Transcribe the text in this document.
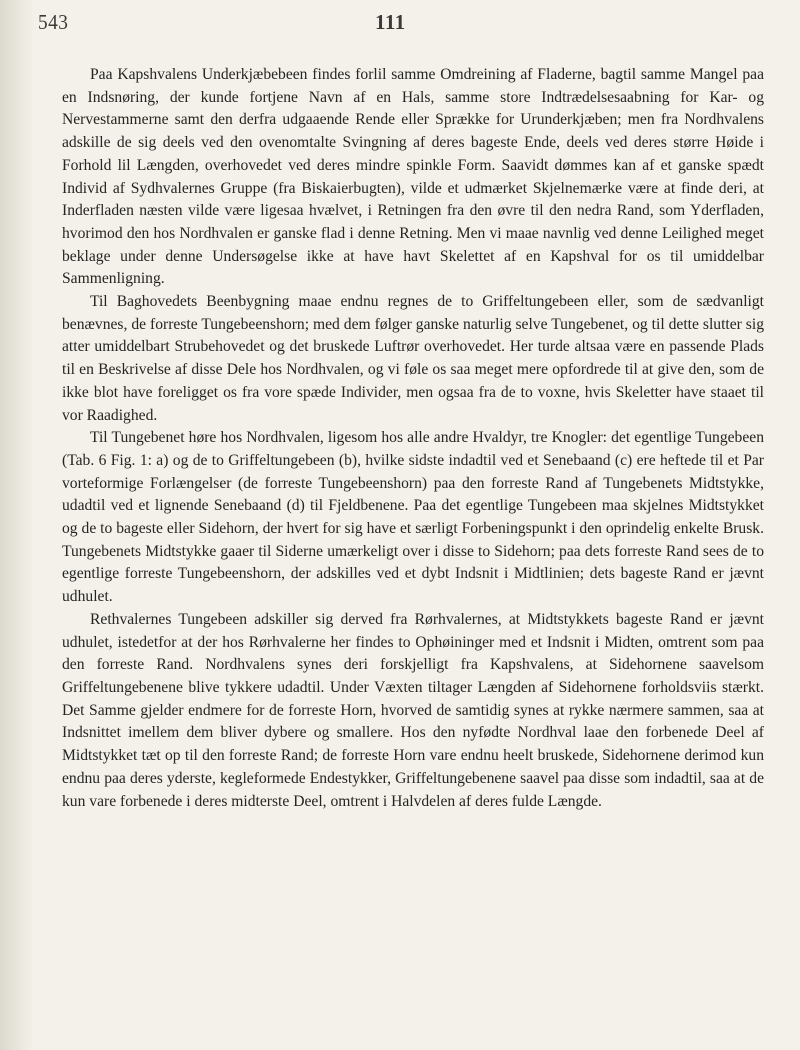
543	111

Paa Kapshvalens Underkjæbebeen findes forlil samme Omdreining af Fladerne, bagtil samme Mangel paa en Indsnøring, der kunde fortjene Navn af en Hals, samme store Indtrædelsesaabning for Kar- og Nervestammerne samt den derfra udgaaende Rende eller Sprække for Urunderkjæben; men fra Nordhvalens adskille de sig deels ved den ovenomtalte Svingning af deres bageste Ende, deels ved deres større Høide i Forhold lil Længden, overhovedet ved deres mindre spinkle Form. Saavidt dømmes kan af et ganske spædt Individ af Sydhvalernes Gruppe (fra Biskaierbugten), vilde et udmærket Skjelnemærke være at finde deri, at Inderfladen næsten vilde være ligesaa hvælvet, i Retningen fra den øvre til den nedra Rand, som Yderfladen, hvorimod den hos Nordhvalen er ganske flad i denne Retning. Men vi maae navnlig ved denne Leilighed meget beklage under denne Undersøgelse ikke at have havt Skelettet af en Kapshval for os til umiddelbar Sammenligning.

Til Baghovedets Beenbygning maae endnu regnes de to Griffeltungebeen eller, som de sædvanligt benævnes, de forreste Tungebeenshorn; med dem følger ganske naturlig selve Tungebenet, og til dette slutter sig atter umiddelbart Strubehovedet og det bruskede Luftrør overhovedet. Her turde altsaa være en passende Plads til en Beskrivelse af disse Dele hos Nordhvalen, og vi føle os saa meget mere opfordrede til at give den, som de ikke blot have foreligget os fra vore spæde Individer, men ogsaa fra de to voxne, hvis Skeletter have staaet til vor Raadighed.

Til Tungebenet høre hos Nordhvalen, ligesom hos alle andre Hvaldyr, tre Knogler: det egentlige Tungebeen (Tab. 6 Fig. 1: a) og de to Griffeltungebeen (b), hvilke sidste indadtil ved et Senebaand (c) ere heftede til et Par vorteformige Forlængelser (de forreste Tungebeenshorn) paa den forreste Rand af Tungebenets Midtstykke, udadtil ved et lignende Senebaand (d) til Fjeldbenene. Paa det egentlige Tungebeen maa skjelnes Midtstykket og de to bageste eller Sidehorn, der hvert for sig have et særligt Forbeningspunkt i den oprindelig enkelte Brusk. Tungebenets Midtstykke gaaer til Siderne umærkeligt over i disse to Sidehorn; paa dets forreste Rand sees de to egentlige forreste Tungebeenshorn, der adskilles ved et dybt Indsnit i Midtlinien; dets bageste Rand er jævnt udhulet.

Rethvalernes Tungebeen adskiller sig derved fra Rørhvalernes, at Midtstykkets bageste Rand er jævnt udhulet, istedetfor at der hos Rørhvalerne her findes to Ophøininger med et Indsnit i Midten, omtrent som paa den forreste Rand. Nordhvalens synes deri forskjelligt fra Kapshvalens, at Sidehornene saavelsom Griffeltungebenene blive tykkere udadtil. Under Væxten tiltager Længden af Sidehornene forholdsviis stærkt. Det Samme gjelder endmere for de forreste Horn, hvorved de samtidig synes at rykke nærmere sammen, saa at Indsnittet imellem dem bliver dybere og smallere. Hos den nyfødte Nordhval laae den forbenede Deel af Midtstykket tæt op til den forreste Rand; de forreste Horn vare endnu heelt bruskede, Sidehornene derimod kun endnu paa deres yderste, kegleformede Endestykker, Griffeltungebenene saavel paa disse som indadtil, saa at de kun vare forbenede i deres midterste Deel, omtrent i Halvdelen af deres fulde Længde.
